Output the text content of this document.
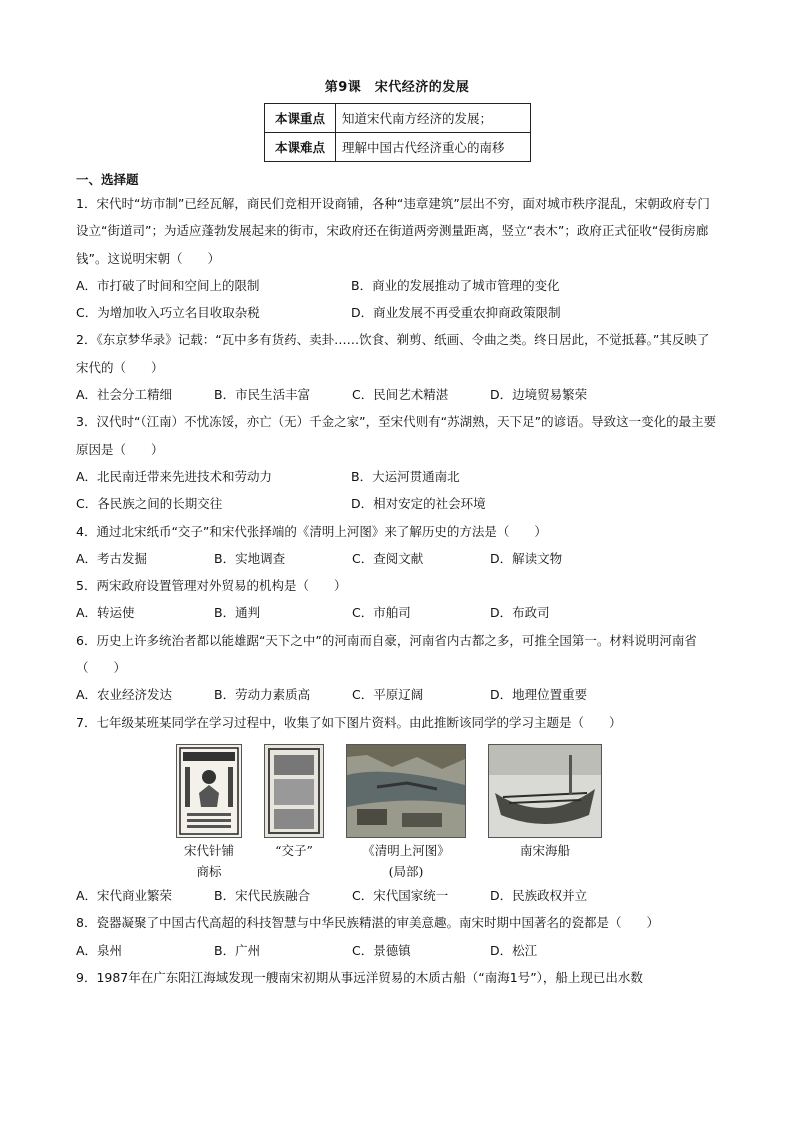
第9课　宋代经济的发展
本课重点	知道宋代南方经济的发展；
本课难点	理解中国古代经济重心的南移
一、选择题

1．宋代时“坊市制”已经瓦解，商民们竞相开设商铺，各种“违章建筑”层出不穷，面对城市秩序混乱，宋朝政府专门设立“街道司”；为适应蓬勃发展起来的街市，宋政府还在街道两旁测量距离，竖立“表木”；政府正式征收“侵街房廊钱”。这说明宋朝（　　）

A．市打破了时间和空间上的限制	B．商业的发展推动了城市管理的变化
C．为增加收入巧立名目收取杂税	D．商业发展不再受重农抑商政策限制

2．《东京梦华录》记载：“瓦中多有货药、卖卦……饮食、剃剪、纸画、令曲之类。终日居此，不觉抵暮。”其反映了宋代的（　　）

A．社会分工精细	B．市民生活丰富	C．民间艺术精湛	D．边境贸易繁荣

3．汉代时“（江南）不忧冻馁，亦亡（无）千金之家”，至宋代则有“苏湖熟，天下足”的谚语。导致这一变化的最主要原因是（　　）

A．北民南迁带来先进技术和劳动力	B．大运河贯通南北
C．各民族之间的长期交往	D．相对安定的社会环境

4．通过北宋纸币“交子”和宋代张择端的《清明上河图》来了解历史的方法是（　　）

A．考古发掘	B．实地调查	C．查阅文献	D．解读文物

5．两宋政府设置管理对外贸易的机构是（　　）

A．转运使	B．通判	C．市舶司	D．布政司

6．历史上许多统治者都以能雄踞“天下之中”的河南而自豪，河南省内古都之多，可推全国第一。材料说明河南省（　　）

A．农业经济发达	B．劳动力素质高	C．平原辽阔	D．地理位置重要

7．七年级某班某同学在学习过程中，收集了如下图片资料。由此推断该同学的学习主题是（　　）

宋代针铺
商标
“交子”	《清明上河图》
(局部)
南宋海船
A．宋代商业繁荣	B．宋代民族融合	C．宋代国家统一	D．民族政权并立

8．瓷器凝聚了中国古代高超的科技智慧与中华民族精湛的审美意趣。南宋时期中国著名的瓷都是（　　）

A．泉州	B．广州	C．景德镇	D．松江

9．1987年在广东阳江海域发现一艘南宋初期从事远洋贸易的木质古船（“南海1号”），船上现已出水数
